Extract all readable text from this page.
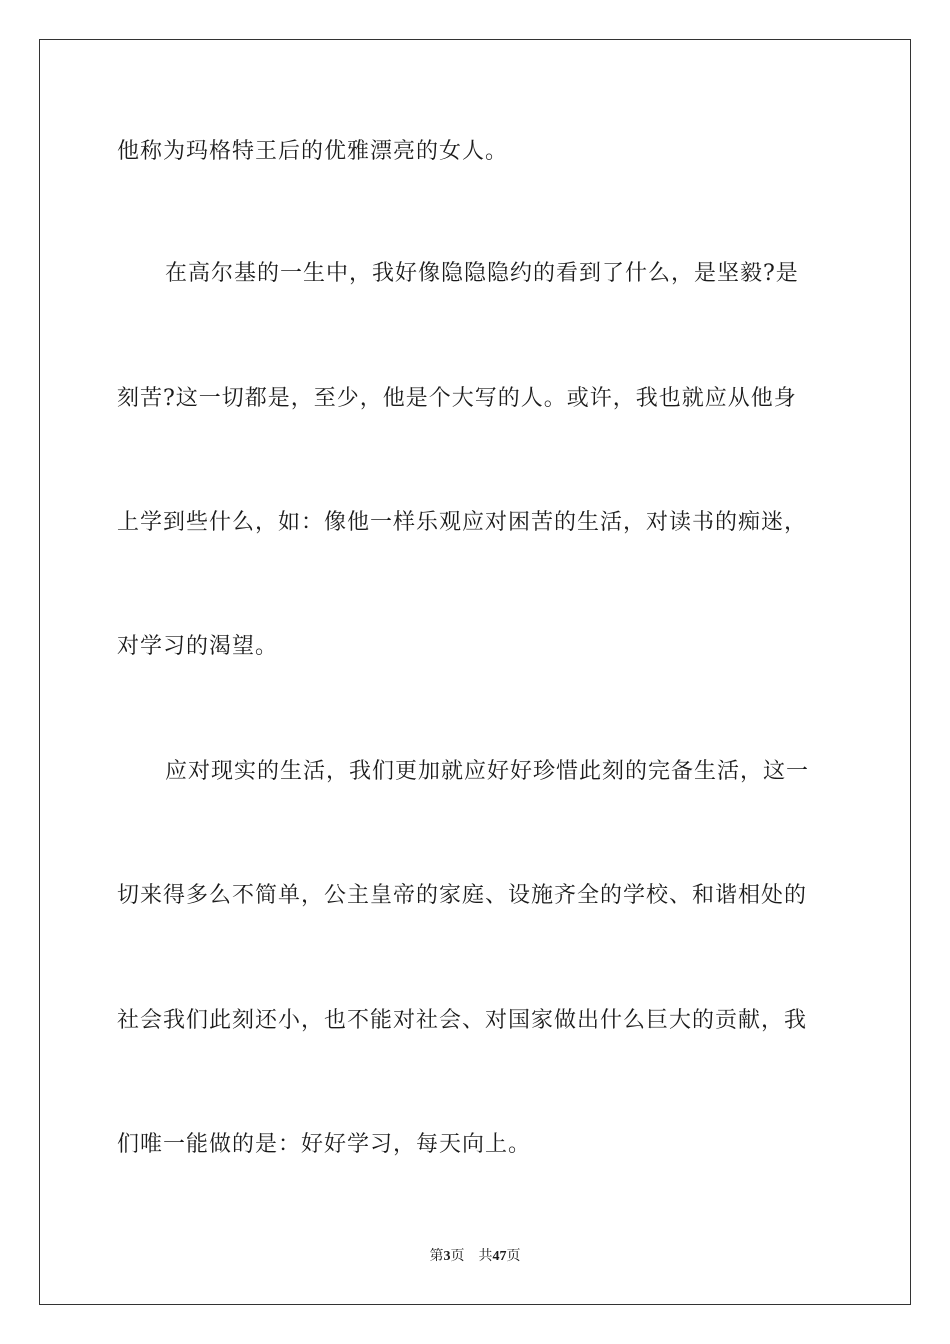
他称为玛格特王后的优雅漂亮的女人。
在高尔基的一生中，我好像隐隐隐约的看到了什么，是坚毅?是
刻苦?这一切都是，至少，他是个大写的人。或许，我也就应从他身
上学到些什么，如：像他一样乐观应对困苦的生活，对读书的痴迷，
对学习的渴望。
应对现实的生活，我们更加就应好好珍惜此刻的完备生活，这一
切来得多么不简单，公主皇帝的家庭、设施齐全的学校、和谐相处的
社会我们此刻还小，也不能对社会、对国家做出什么巨大的贡献，我
们唯一能做的是：好好学习，每天向上。
第3页 共47页
